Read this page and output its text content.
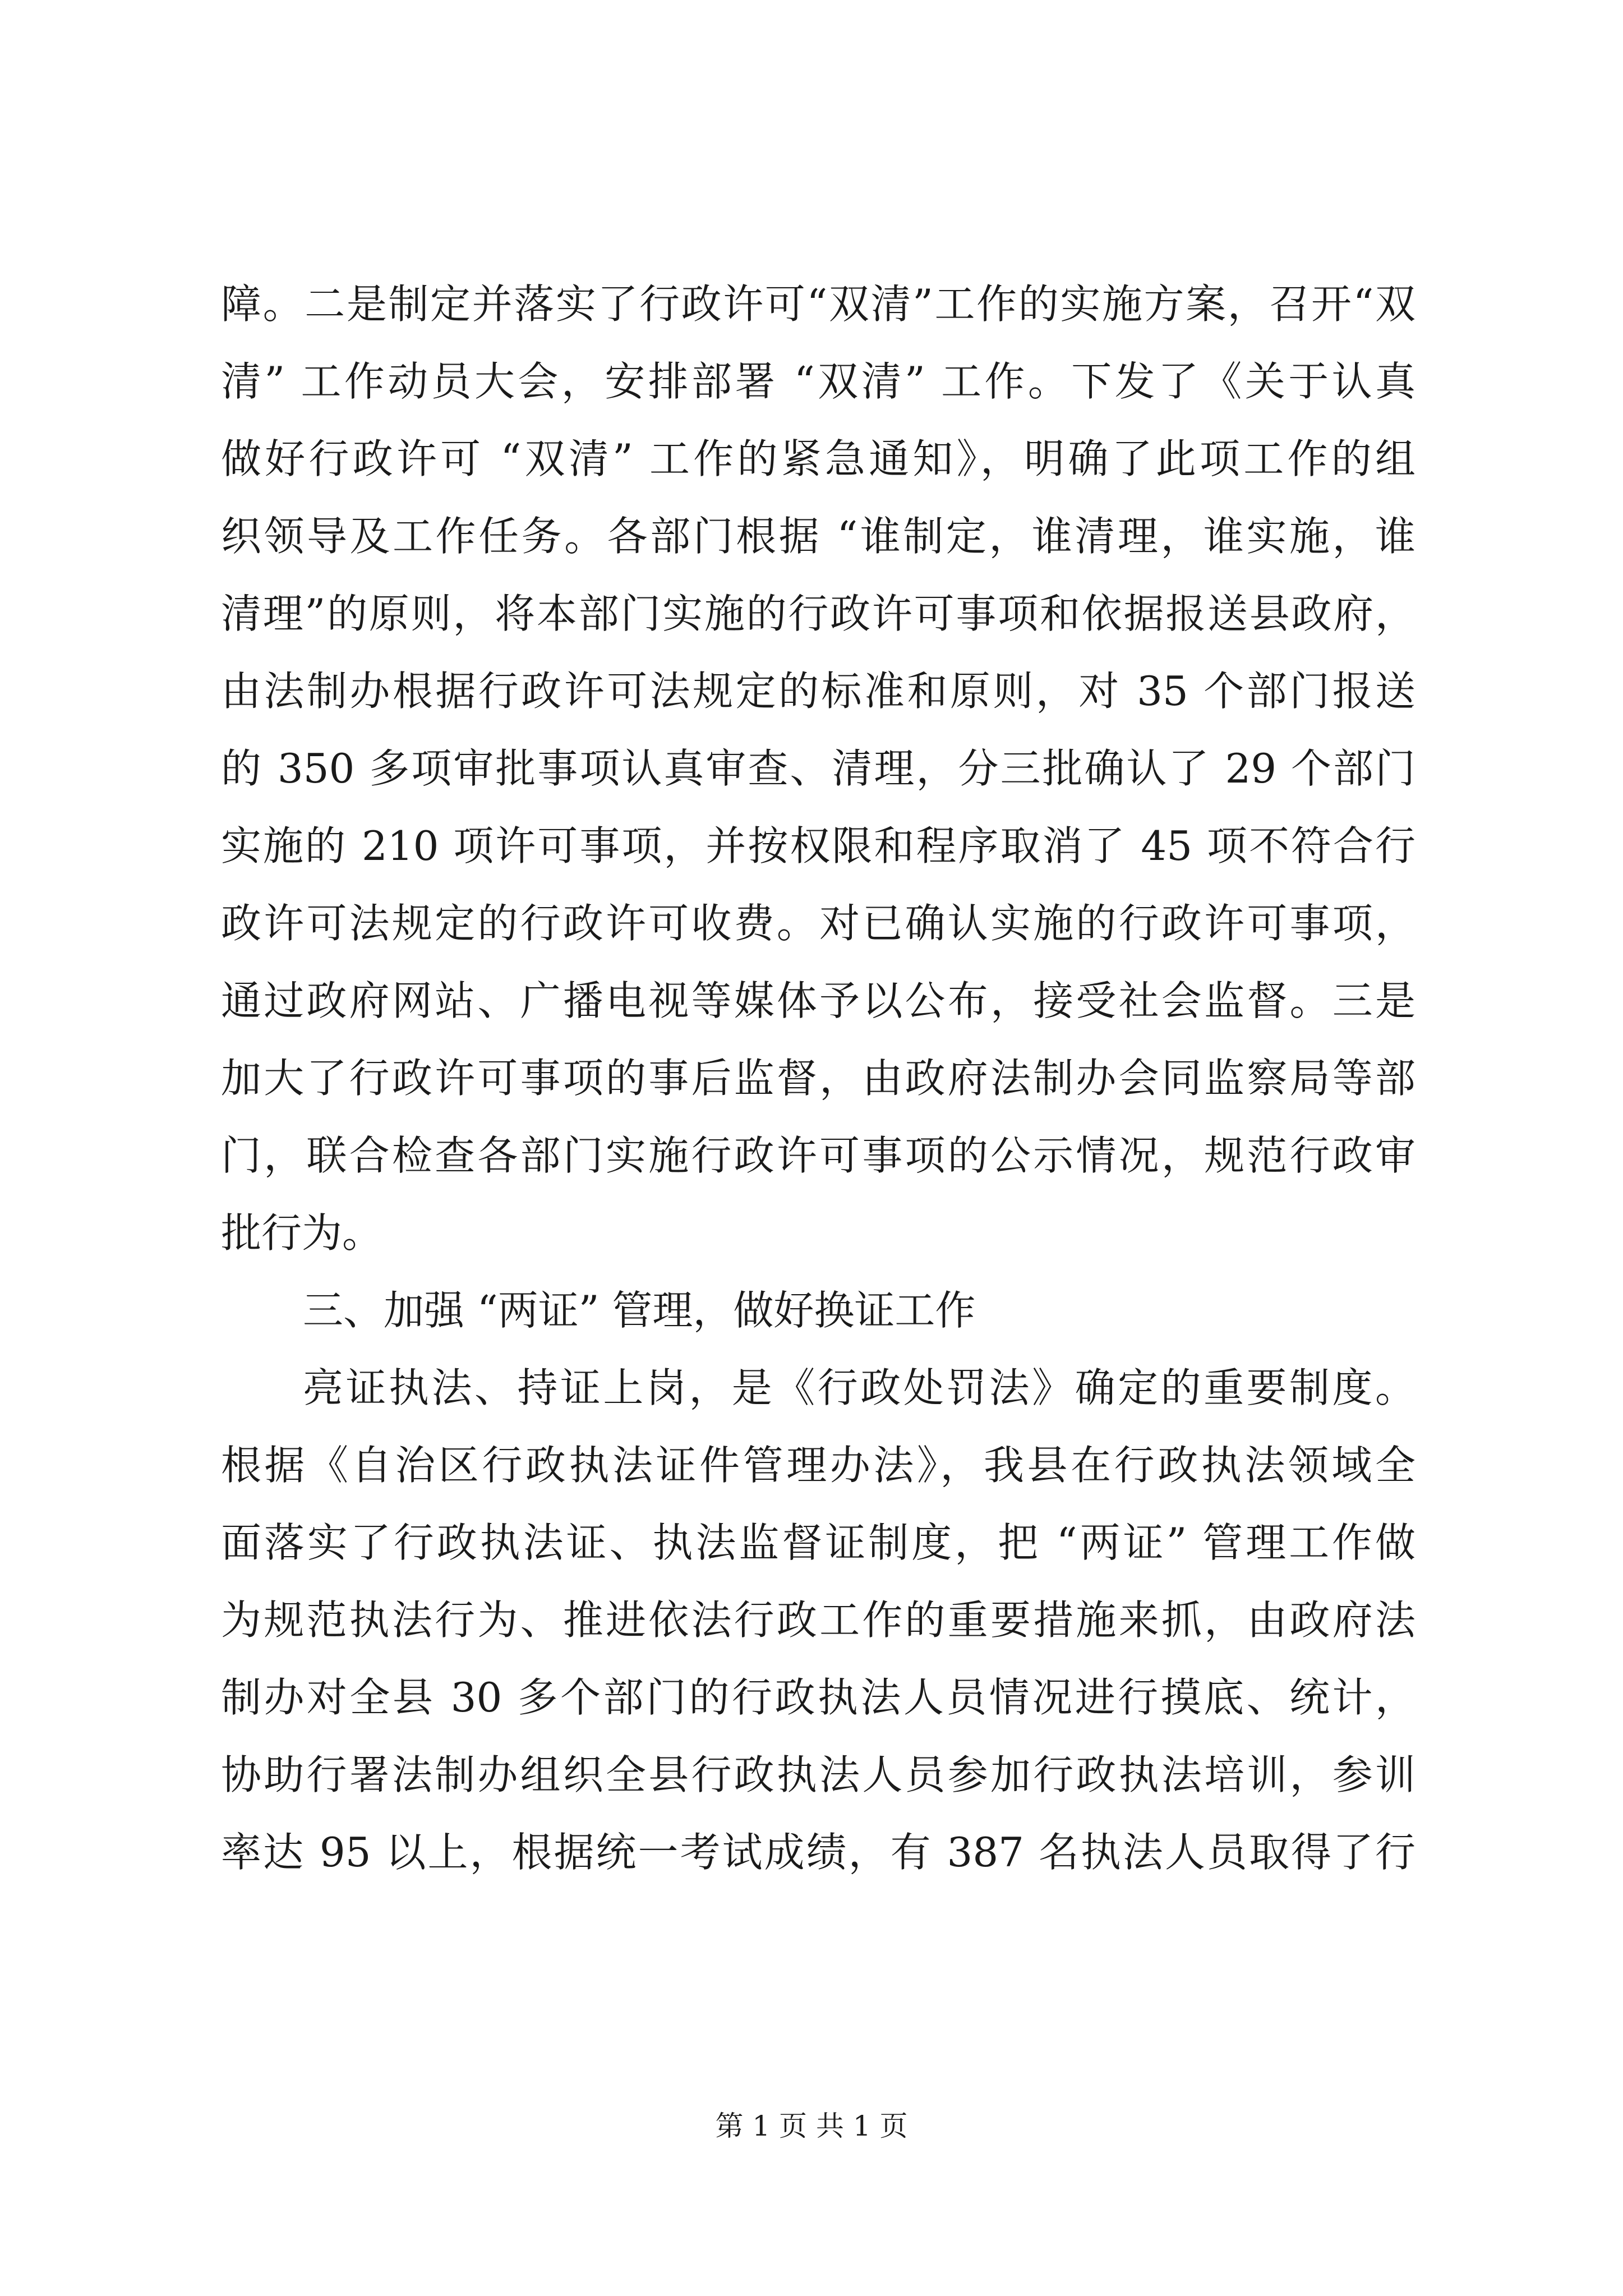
障。二是制定并落实了行政许可“双清”工作的实施方案，召开“双
清” 工作动员大会，安排部署 “双清” 工作。下发了《关于认真
做好行政许可 “双清” 工作的紧急通知》，明确了此项工作的组
织领导及工作任务。各部门根据 “谁制定，谁清理，谁实施，谁
清理”的原则，将本部门实施的行政许可事项和依据报送县政府，
由法制办根据行政许可法规定的标准和原则，对 35 个部门报送
的 350 多项审批事项认真审查、清理，分三批确认了 29 个部门
实施的 210 项许可事项，并按权限和程序取消了 45 项不符合行
政许可法规定的行政许可收费。对已确认实施的行政许可事项，
通过政府网站、广播电视等媒体予以公布，接受社会监督。三是
加大了行政许可事项的事后监督，由政府法制办会同监察局等部
门，联合检查各部门实施行政许可事项的公示情况，规范行政审
批行为。
三、加强 “两证” 管理，做好换证工作
亮证执法、持证上岗，是《行政处罚法》确定的重要制度。
根据《自治区行政执法证件管理办法》，我县在行政执法领域全
面落实了行政执法证、执法监督证制度，把 “两证” 管理工作做
为规范执法行为、推进依法行政工作的重要措施来抓，由政府法
制办对全县 30 多个部门的行政执法人员情况进行摸底、统计，
协助行署法制办组织全县行政执法人员参加行政执法培训，参训
率达 95 以上，根据统一考试成绩，有 387 名执法人员取得了行
第 1 页 共 1 页
